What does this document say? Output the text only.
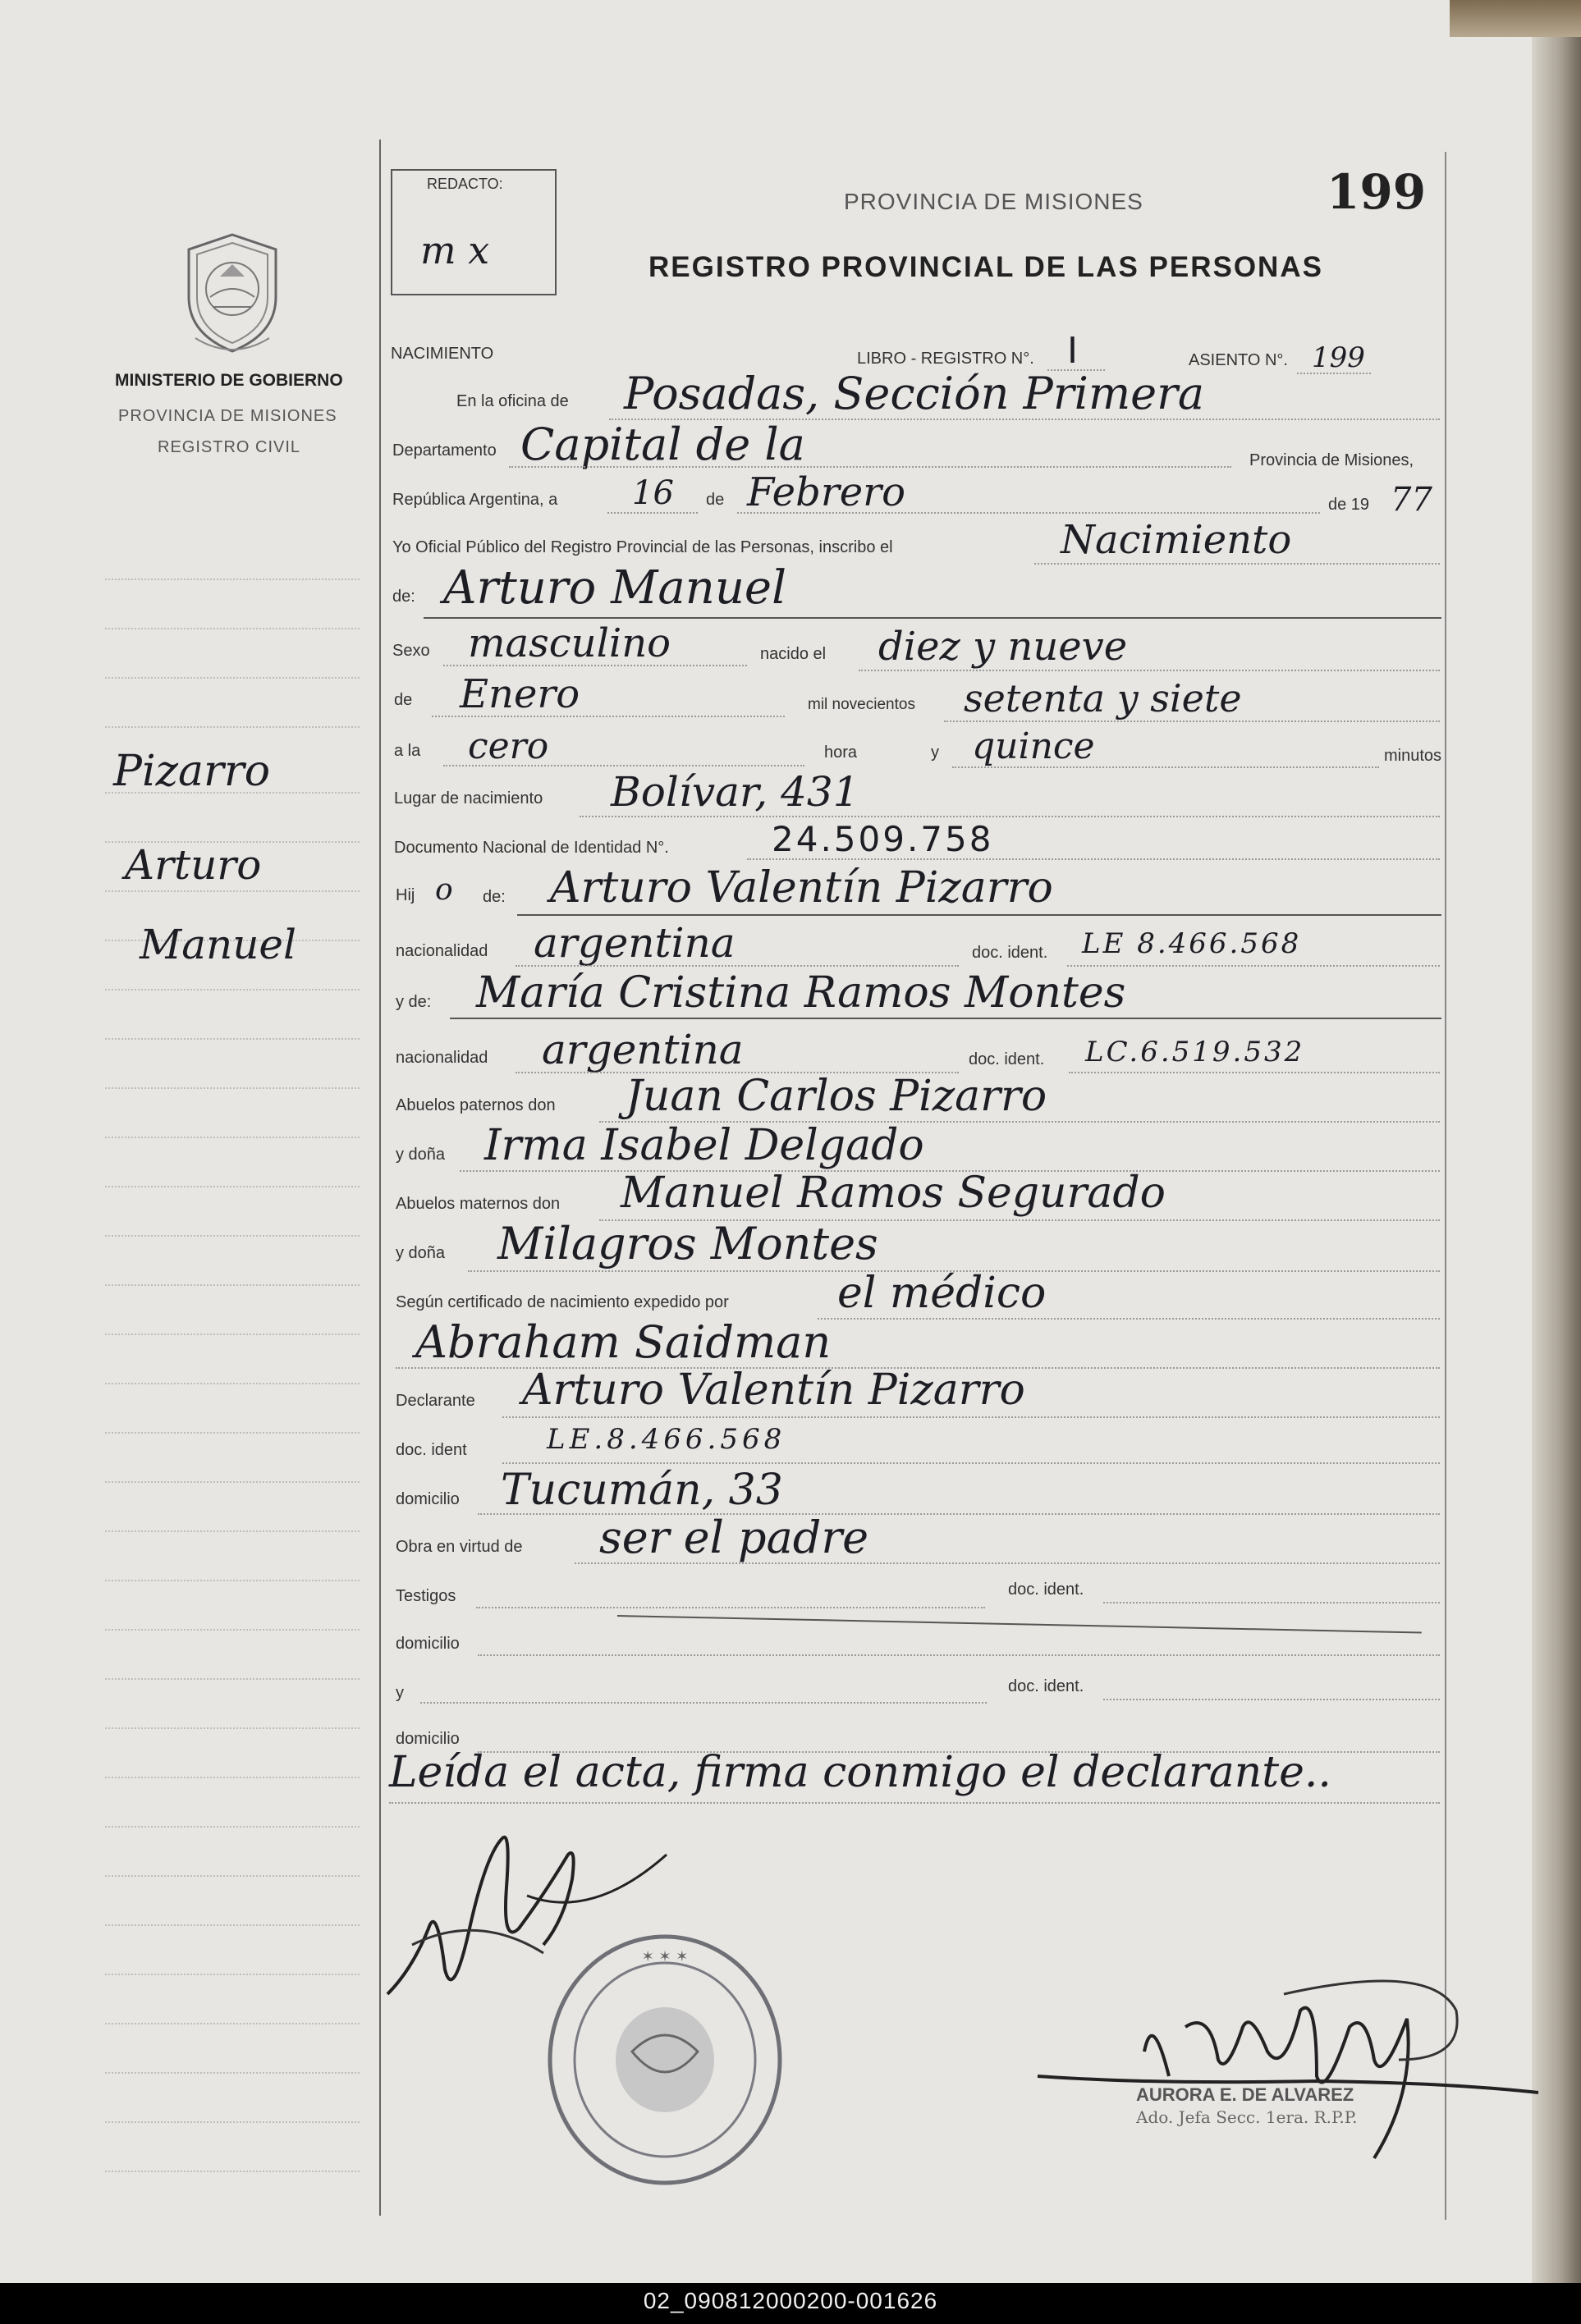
MINISTERIO DE GOBIERNO
PROVINCIA DE MISIONES
REGISTRO CIVIL
Pizarro
Arturo
Manuel
REDACTO:
m x
PROVINCIA DE MISIONES	199
REGISTRO PROVINCIAL DE LAS PERSONAS
NACIMIENTO	LIBRO - REGISTRO N°. I	ASIENTO N°. 199
En la oficina de Posadas, Sección Primera
Departamento Capital de la	Provincia de Misiones,
República Argentina, a 16 de Febrero	de 19 77
Yo Oficial Público del Registro Provincial de las Personas, inscribo el	Nacimiento
de: Arturo Manuel
Sexo masculino	nacido el diez y nueve
de Enero	mil novecientos setenta y siete
a la cero	hora	y quince	minutos
Lugar de nacimiento Bolívar, 431
Documento Nacional de Identidad N°.	24.509.758
Hij o de: Arturo Valentín Pizarro
nacionalidad argentina	doc. ident. LE 8.466.568
y de: María Cristina Ramos Montes
nacionalidad argentina	doc. ident. LC.6.519.532
Abuelos paternos don Juan Carlos Pizarro
y doña Irma Isabel Delgado
Abuelos maternos don Manuel Ramos Segurado
y doña Milagros Montes
Según certificado de nacimiento expedido por	el médico
Abraham Saidman
Declarante Arturo Valentín Pizarro
doc. ident	LE.8.466.568
domicilio Tucumán, 33
Obra en virtud de ser el padre
Testigos	doc. ident.
domicilio
y	doc. ident.
domicilio
Leída el acta, firma conmigo el declarante..
✶ ✶ ✶
AURORA E. DE ALVAREZ
Ado. Jefa Secc. 1era. R.P.P.
02_090812000200-001626
